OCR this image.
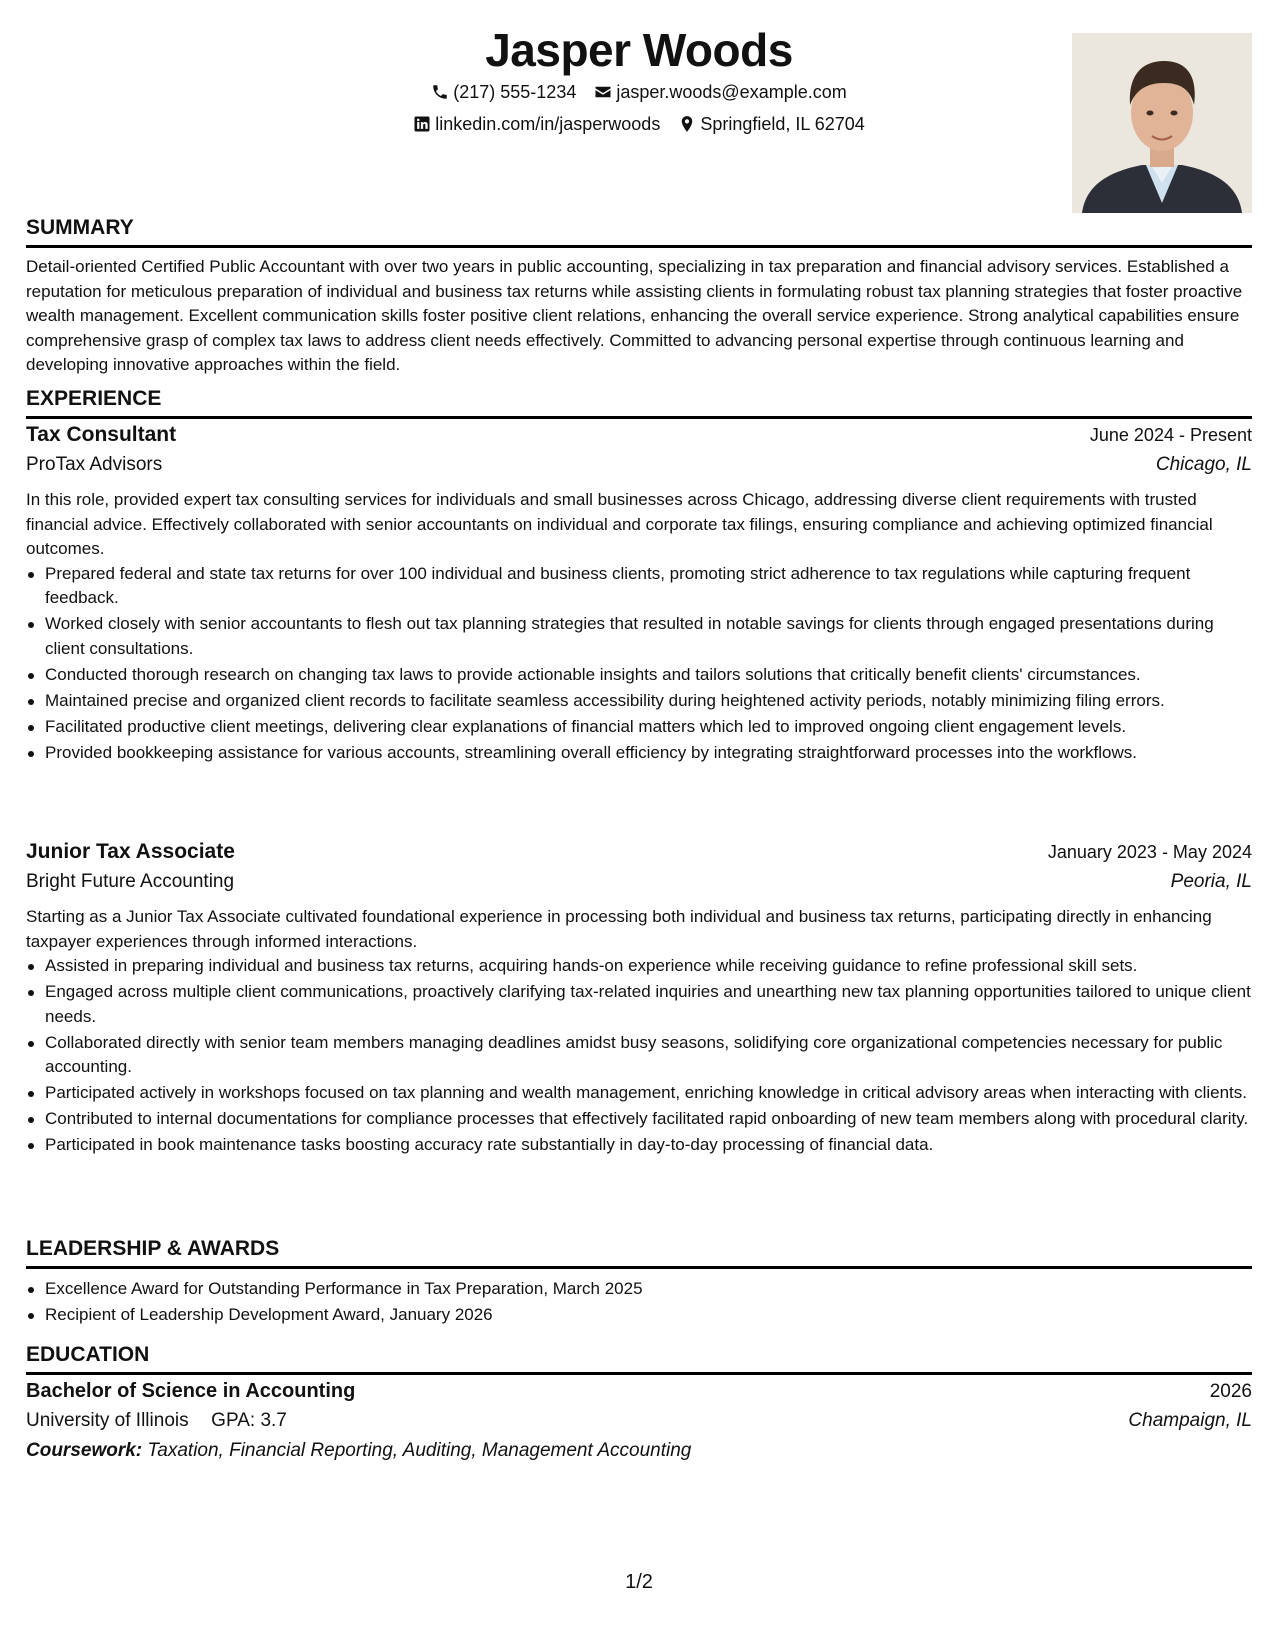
Jasper Woods
(217) 555-1234 jasper.woods@example.com
linkedin.com/in/jasperwoods Springfield, IL 62704
SUMMARY
Detail-oriented Certified Public Accountant with over two years in public accounting, specializing in tax preparation and financial advisory services. Established a reputation for meticulous preparation of individual and business tax returns while assisting clients in formulating robust tax planning strategies that foster proactive wealth management. Excellent communication skills foster positive client relations, enhancing the overall service experience. Strong analytical capabilities ensure comprehensive grasp of complex tax laws to address client needs effectively. Committed to advancing personal expertise through continuous learning and developing innovative approaches within the field.
EXPERIENCE
Tax Consultant	June 2024 - Present
ProTax Advisors	Chicago, IL
In this role, provided expert tax consulting services for individuals and small businesses across Chicago, addressing diverse client requirements with trusted financial advice. Effectively collaborated with senior accountants on individual and corporate tax filings, ensuring compliance and achieving optimized financial outcomes.
Prepared federal and state tax returns for over 100 individual and business clients, promoting strict adherence to tax regulations while capturing frequent feedback.
Worked closely with senior accountants to flesh out tax planning strategies that resulted in notable savings for clients through engaged presentations during client consultations.
Conducted thorough research on changing tax laws to provide actionable insights and tailors solutions that critically benefit clients' circumstances.
Maintained precise and organized client records to facilitate seamless accessibility during heightened activity periods, notably minimizing filing errors.
Facilitated productive client meetings, delivering clear explanations of financial matters which led to improved ongoing client engagement levels.
Provided bookkeeping assistance for various accounts, streamlining overall efficiency by integrating straightforward processes into the workflows.
Junior Tax Associate	January 2023 - May 2024
Bright Future Accounting	Peoria, IL
Starting as a Junior Tax Associate cultivated foundational experience in processing both individual and business tax returns, participating directly in enhancing taxpayer experiences through informed interactions.
Assisted in preparing individual and business tax returns, acquiring hands-on experience while receiving guidance to refine professional skill sets.
Engaged across multiple client communications, proactively clarifying tax-related inquiries and unearthing new tax planning opportunities tailored to unique client needs.
Collaborated directly with senior team members managing deadlines amidst busy seasons, solidifying core organizational competencies necessary for public accounting.
Participated actively in workshops focused on tax planning and wealth management, enriching knowledge in critical advisory areas when interacting with clients.
Contributed to internal documentations for compliance processes that effectively facilitated rapid onboarding of new team members along with procedural clarity.
Participated in book maintenance tasks boosting accuracy rate substantially in day-to-day processing of financial data.
LEADERSHIP & AWARDS
Excellence Award for Outstanding Performance in Tax Preparation, March 2025
Recipient of Leadership Development Award, January 2026
EDUCATION
Bachelor of Science in Accounting	2026
University of Illinois GPA: 3.7	Champaign, IL
Coursework: Taxation, Financial Reporting, Auditing, Management Accounting
1/2
